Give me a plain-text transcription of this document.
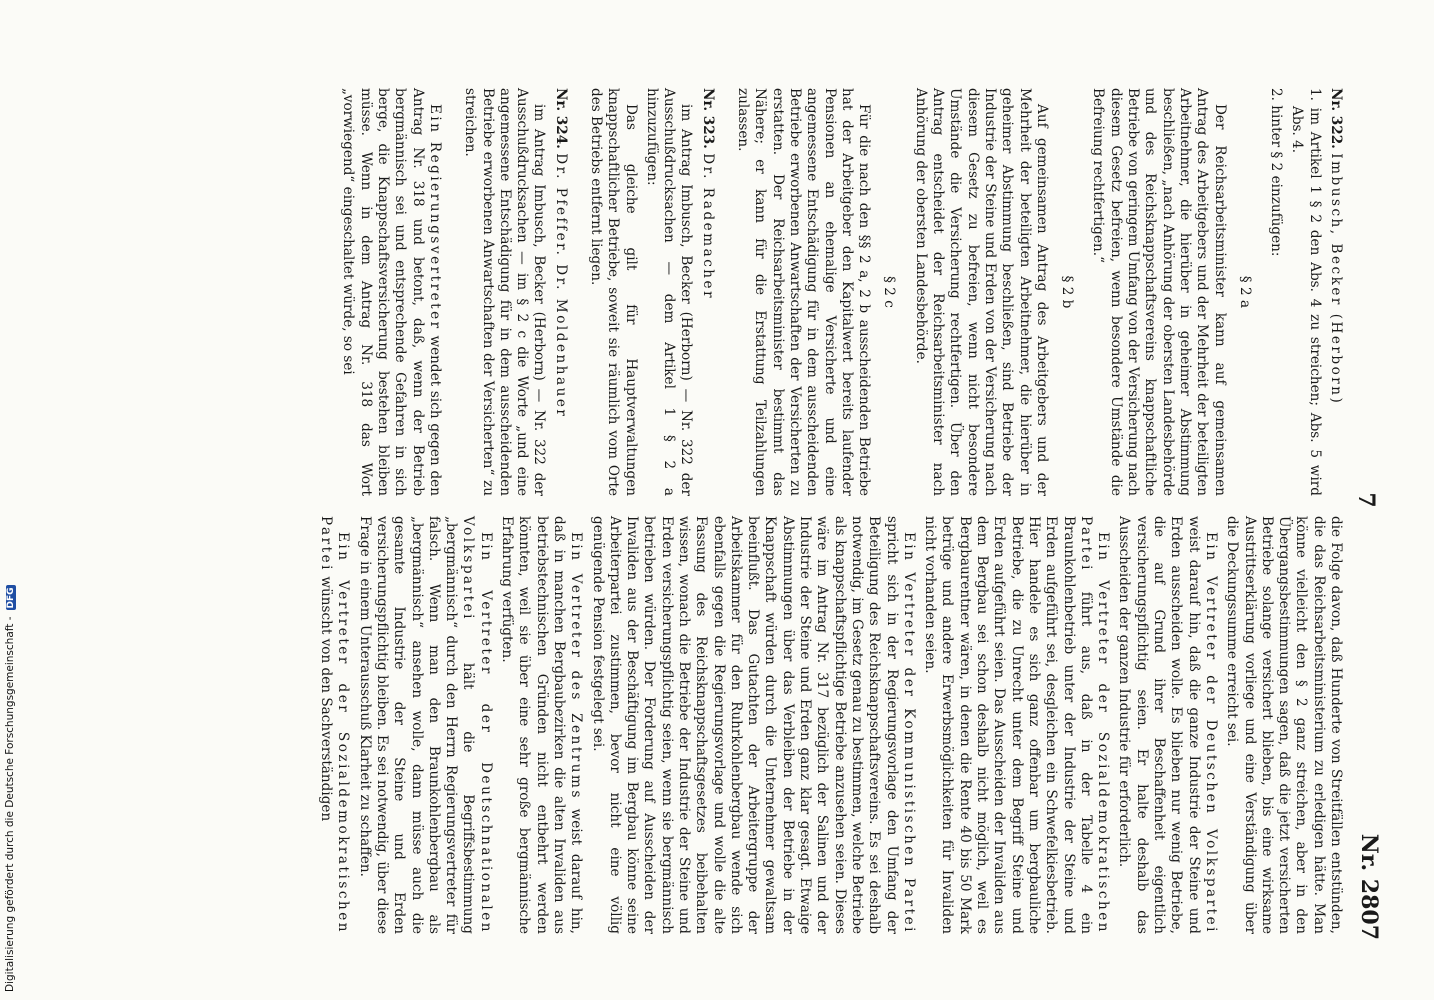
7
Nr. 2807

Nr. 322. Imbusch, Becker (Herborn)

1. im Artikel 1 § 2 den Abs. 4 zu streichen; Abs. 5 wird Abs. 4.

2. hinter § 2 einzufügen:

§ 2 a

Der Reichsarbeitsminister kann auf gemeinsamen Antrag des Arbeitgebers und der Mehrheit der beteiligten Arbeitnehmer, die hierüber in geheimer Abstimmung beschließen, „nach Anhörung der obersten Landesbehörde und des Reichsknappschaftsvereins knappschaftliche Betriebe von geringem Umfang von der Versicherung nach diesem Gesetz befreien, wenn besondere Umstände die Befreiung rechtfertigen.“

§ 2 b

Auf gemeinsamen Antrag des Arbeitgebers und der Mehrheit der beteiligten Arbeitnehmer, die hierüber in geheimer Abstimmung beschließen, sind Betriebe der Industrie der Steine und Erden von der Versicherung nach diesem Gesetz zu befreien, wenn nicht besondere Umstände die Versicherung rechtfertigen. Über den Antrag entscheidet der Reichsarbeitsminister nach Anhörung der obersten Landesbehörde.

§ 2 c

Für die nach den §§ 2 a, 2 b ausscheidenden Betriebe hat der Arbeitgeber den Kapitalwert bereits laufender Pensionen an ehemalige Versicherte und eine angemessene Entschädigung für in dem ausscheidenden Betriebe erworbenen Anwartschaften der Versicherten zu erstatten. Der Reichsarbeitsminister bestimmt das Nähere; er kann für die Erstattung Teilzahlungen zulassen.

Nr. 323. Dr. Rademacher

im Antrag Imbusch, Becker (Herborn) — Nr. 322 der Ausschußdrucksachen — dem Artikel 1 § 2 a hinzuzufügen:

Das gleiche gilt für Hauptverwaltungen knappschaftlicher Betriebe, soweit sie räumlich vom Orte des Betriebs entfernt liegen.

Nr. 324. Dr. Pfeffer. Dr. Moldenhauer

im Antrag Imbusch, Becker (Herborn) — Nr. 322 der Ausschußdrucksachen — im § 2 c die Worte „und eine angemessene Entschädigung für in dem ausscheidenden Betriebe erworbenen Anwartschaften der Versicherten“ zu streichen.

Ein Regierungsvertreter wendet sich gegen den Antrag Nr. 318 und betont, daß, wenn der Betrieb bergmännisch sei und entsprechende Gefahren in sich berge, die Knappschaftsversicherung bestehen bleiben müsse. Wenn in dem Antrag Nr. 318 das Wort „vorwiegend“ eingeschaltet würde, so sei

die Folge davon, daß Hunderte von Streitfällen entstünden, die das Reichsarbeitsministerium zu erledigen hätte. Man könne vielleicht den § 2 ganz streichen, aber in den Übergangsbestimmungen sagen, daß die jetzt versicherten Betriebe solange versichert blieben, bis eine wirksame Austrittserklärung vorliege und eine Verständigung über die Deckungssumme erreicht sei.

Ein Vertreter der Deutschen Volkspartei weist darauf hin, daß die ganze Industrie der Steine und Erden ausscheiden wolle. Es blieben nur wenig Betriebe, die auf Grund ihrer Beschaffenheit eigentlich versicherungspflichtig seien. Er halte deshalb das Ausscheiden der ganzen Industrie für erforderlich.

Ein Vertreter der Sozialdemokratischen Partei führt aus, daß in der Tabelle 4 ein Braunkohlenbetrieb unter der Industrie der Steine und Erden aufgeführt sei, desgleichen ein Schwefelkiesbetrieb. Hier handele es sich ganz offenbar um bergbauliche Betriebe, die zu Unrecht unter dem Begriff Steine und Erden aufgeführt seien. Das Ausscheiden der Invaliden aus dem Bergbau sei schon deshalb nicht möglich, weil es Bergbaurentner wären, in denen die Rente 40 bis 50 Mark betrüge und andere Erwerbsmöglichkeiten für Invaliden nicht vorhanden seien.

Ein Vertreter der Kommunistischen Partei spricht sich in der Regierungsvorlage den Umfang der Beteiligung des Reichsknappschaftsvereins. Es sei deshalb notwendig, im Gesetz genau zu bestimmen, welche Betriebe als knappschaftspflichtige Betriebe anzusehen seien. Dieses wäre im Antrag Nr. 317 bezüglich der Salinen und der Industrie der Steine und Erden ganz klar gesagt. Etwaige Abstimmungen über das Verbleiben der Betriebe in der Knappschaft würden durch die Unternehmer gewaltsam beeinflußt. Das Gutachten der Arbeitergruppe der Arbeitskammer für den Ruhrkohlenbergbau wende sich ebenfalls gegen die Regierungsvorlage und wolle die alte Fassung des Reichsknappschaftsgesetzes beibehalten wissen, wonach die Betriebe der Industrie der Steine und Erden versicherungspflichtig seien, wenn sie bergmännisch betrieben würden. Der Forderung auf Ausscheiden der Invaliden aus der Beschäftigung im Bergbau könne seine Arbeiterpartei zustimmen, bevor nicht eine völlig genügende Pension festgelegt sei.

Ein Vertreter des Zentrums weist darauf hin, daß in manchen Bergbaubezirken die alten Invaliden aus betriebstechnischen Gründen nicht entbehrt werden könnten, weil sie über eine sehr große bergmännische Erfahrung verfügten.

Ein Vertreter der Deutschnationalen Volkspartei hält die Begriffsbestimmung „bergmännisch“ durch den Herrn Regierungsvertreter für falsch. Wenn man den Braunkohlenbergbau als „bergmännisch“ ansehen wolle, dann müsse auch die gesamte Industrie der Steine und Erden versicherungspflichtig bleiben. Es sei notwendig, über diese Frage in einem Unterausschuß Klarheit zu schaffen.

Ein Vertreter der Sozialdemokratischen Partei wünscht von den Sachverständigen

Digitalisierung gefördert durch die Deutsche Forschungsgemeinschaft -DFG
